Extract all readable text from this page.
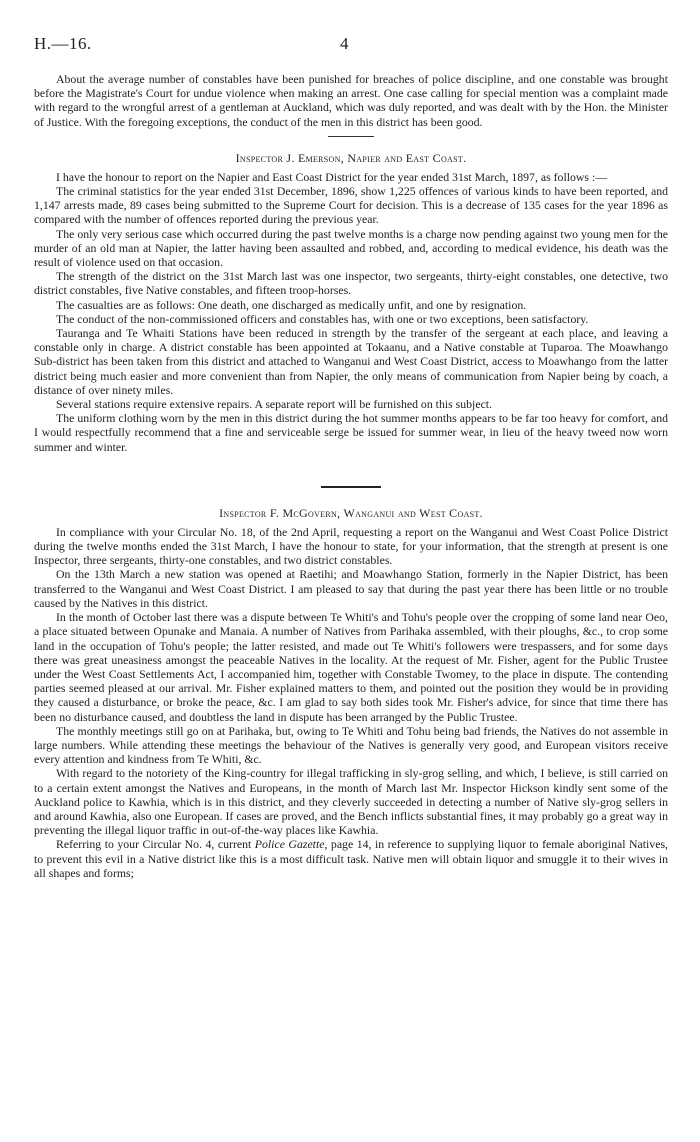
H.—16.	4

About the average number of constables have been punished for breaches of police discipline, and one constable was brought before the Magistrate's Court for undue violence when making an arrest. One case calling for special mention was a complaint made with regard to the wrongful arrest of a gentleman at Auckland, which was duly reported, and was dealt with by the Hon. the Minister of Justice. With the foregoing exceptions, the conduct of the men in this district has been good.

Inspector J. Emerson, Napier and East Coast.

I have the honour to report on the Napier and East Coast District for the year ended 31st March, 1897, as follows :—

The criminal statistics for the year ended 31st December, 1896, show 1,225 offences of various kinds to have been reported, and 1,147 arrests made, 89 cases being submitted to the Supreme Court for decision. This is a decrease of 135 cases for the year 1896 as compared with the number of offences reported during the previous year.

The only very serious case which occurred during the past twelve months is a charge now pending against two young men for the murder of an old man at Napier, the latter having been assaulted and robbed, and, according to medical evidence, his death was the result of violence used on that occasion.

The strength of the district on the 31st March last was one inspector, two sergeants, thirty-eight constables, one detective, two district constables, five Native constables, and fifteen troop-horses.

The casualties are as follows: One death, one discharged as medically unfit, and one by resignation.

The conduct of the non-commissioned officers and constables has, with one or two exceptions, been satisfactory.

Tauranga and Te Whaiti Stations have been reduced in strength by the transfer of the sergeant at each place, and leaving a constable only in charge. A district constable has been appointed at Tokaanu, and a Native constable at Tuparoa. The Moawhango Sub-district has been taken from this district and attached to Wanganui and West Coast District, access to Moawhango from the latter district being much easier and more convenient than from Napier, the only means of communication from Napier being by coach, a distance of over ninety miles.

Several stations require extensive repairs. A separate report will be furnished on this subject.

The uniform clothing worn by the men in this district during the hot summer months appears to be far too heavy for comfort, and I would respectfully recommend that a fine and serviceable serge be issued for summer wear, in lieu of the heavy tweed now worn summer and winter.

Inspector F. McGovern, Wanganui and West Coast.

In compliance with your Circular No. 18, of the 2nd April, requesting a report on the Wanganui and West Coast Police District during the twelve months ended the 31st March, I have the honour to state, for your information, that the strength at present is one Inspector, three sergeants, thirty-one constables, and two district constables.

On the 13th March a new station was opened at Raetihi; and Moawhango Station, formerly in the Napier District, has been transferred to the Wanganui and West Coast District. I am pleased to say that during the past year there has been little or no trouble caused by the Natives in this district.

In the month of October last there was a dispute between Te Whiti's and Tohu's people over the cropping of some land near Oeo, a place situated between Opunake and Manaia. A number of Natives from Parihaka assembled, with their ploughs, &c., to crop some land in the occupation of Tohu's people; the latter resisted, and made out Te Whiti's followers were trespassers, and for some days there was great uneasiness amongst the peaceable Natives in the locality. At the request of Mr. Fisher, agent for the Public Trustee under the West Coast Settlements Act, I accompanied him, together with Constable Twomey, to the place in dispute. The contending parties seemed pleased at our arrival. Mr. Fisher explained matters to them, and pointed out the position they would be in providing they caused a disturbance, or broke the peace, &c. I am glad to say both sides took Mr. Fisher's advice, for since that time there has been no disturbance caused, and doubtless the land in dispute has been arranged by the Public Trustee.

The monthly meetings still go on at Parihaka, but, owing to Te Whiti and Tohu being bad friends, the Natives do not assemble in large numbers. While attending these meetings the behaviour of the Natives is generally very good, and European visitors receive every attention and kindness from Te Whiti, &c.

With regard to the notoriety of the King-country for illegal trafficking in sly-grog selling, and which, I believe, is still carried on to a certain extent amongst the Natives and Europeans, in the month of March last Mr. Inspector Hickson kindly sent some of the Auckland police to Kawhia, which is in this district, and they cleverly succeeded in detecting a number of Native sly-grog sellers in and around Kawhia, also one European. If cases are proved, and the Bench inflicts substantial fines, it may probably go a great way in preventing the illegal liquor traffic in out-of-the-way places like Kawhia.

Referring to your Circular No. 4, current Police Gazette, page 14, in reference to supplying liquor to female aboriginal Natives, to prevent this evil in a Native district like this is a most difficult task. Native men will obtain liquor and smuggle it to their wives in all shapes and forms;
